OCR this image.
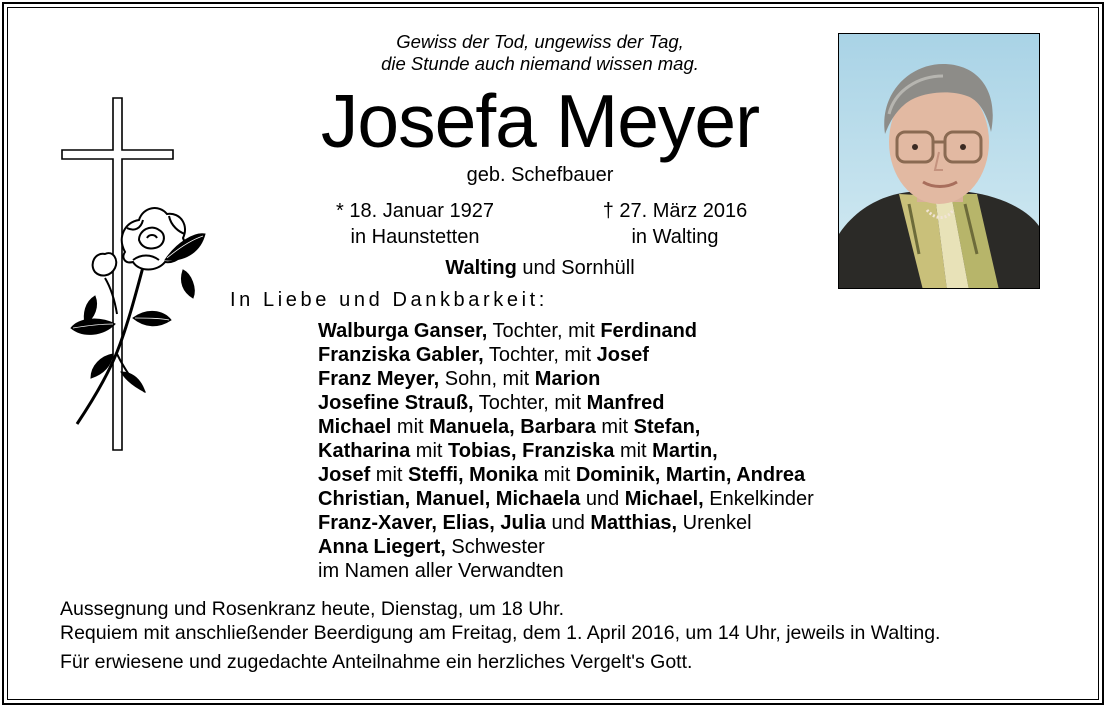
Gewiss der Tod, ungewiss der Tag,
die Stunde auch niemand wissen mag.
Josefa Meyer
geb. Schefbauer
* 18. Januar 1927
in Haunstetten
† 27. März 2016
in Walting
Walting und Sornhüll
In Liebe und Dankbarkeit:
Walburga Ganser, Tochter, mit Ferdinand
Franziska Gabler, Tochter, mit Josef
Franz Meyer, Sohn, mit Marion
Josefine Strauß, Tochter, mit Manfred
Michael mit Manuela, Barbara mit Stefan,
Katharina mit Tobias, Franziska mit Martin,
Josef mit Steffi, Monika mit Dominik, Martin, Andrea
Christian, Manuel, Michaela und Michael, Enkelkinder
Franz-Xaver, Elias, Julia und Matthias, Urenkel
Anna Liegert, Schwester
im Namen aller Verwandten
Aussegnung und Rosenkranz heute, Dienstag, um 18 Uhr.
Requiem mit anschließender Beerdigung am Freitag, dem 1. April 2016, um 14 Uhr, jeweils in Walting.
Für erwiesene und zugedachte Anteilnahme ein herzliches Vergelt's Gott.
